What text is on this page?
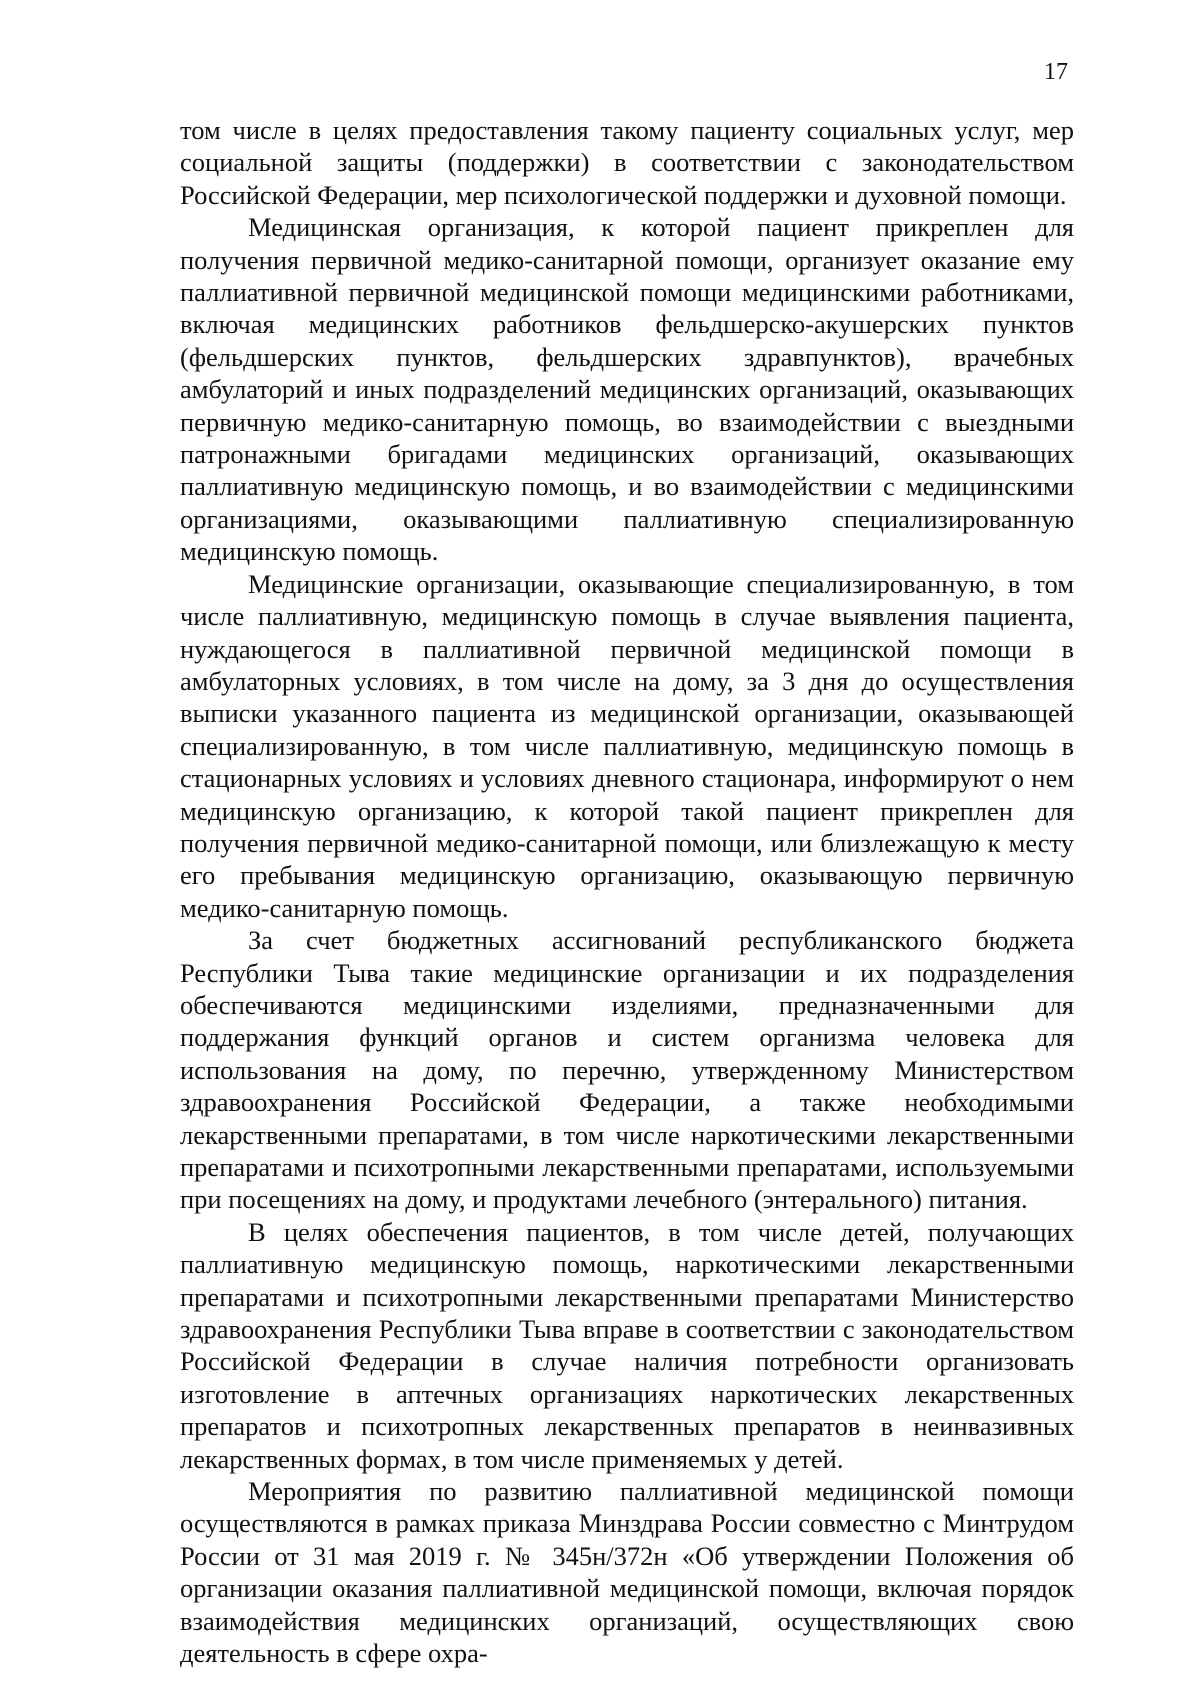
17

том числе в целях предоставления такому пациенту социальных услуг, мер социальной защиты (поддержки) в соответствии с законодательством Российской Федерации, мер психологической поддержки и духовной помощи.

Медицинская организация, к которой пациент прикреплен для получения первичной медико-санитарной помощи, организует оказание ему паллиативной первичной медицинской помощи медицинскими работниками, включая медицинских работников фельдшерско-акушерских пунктов (фельдшерских пунктов, фельдшерских здравпунктов), врачебных амбулаторий и иных подразделений медицинских организаций, оказывающих первичную медико-санитарную помощь, во взаимодействии с выездными патронажными бригадами медицинских организаций, оказывающих паллиативную медицинскую помощь, и во взаимодействии с медицинскими организациями, оказывающими паллиативную специализированную медицинскую помощь.

Медицинские организации, оказывающие специализированную, в том числе паллиативную, медицинскую помощь в случае выявления пациента, нуждающегося в паллиативной первичной медицинской помощи в амбулаторных условиях, в том числе на дому, за 3 дня до осуществления выписки указанного пациента из медицинской организации, оказывающей специализированную, в том числе паллиативную, медицинскую помощь в стационарных условиях и условиях дневного стационара, информируют о нем медицинскую организацию, к которой такой пациент прикреплен для получения первичной медико-санитарной помощи, или близлежащую к месту его пребывания медицинскую организацию, оказывающую первичную медико-санитарную помощь.

За счет бюджетных ассигнований республиканского бюджета Республики Тыва такие медицинские организации и их подразделения обеспечиваются медицинскими изделиями, предназначенными для поддержания функций органов и систем организма человека для использования на дому, по перечню, утвержденному Министерством здравоохранения Российской Федерации, а также необходимыми лекарственными препаратами, в том числе наркотическими лекарственными препаратами и психотропными лекарственными препаратами, используемыми при посещениях на дому, и продуктами лечебного (энтерального) питания.

В целях обеспечения пациентов, в том числе детей, получающих паллиативную медицинскую помощь, наркотическими лекарственными препаратами и психотропными лекарственными препаратами Министерство здравоохранения Республики Тыва вправе в соответствии с законодательством Российской Федерации в случае наличия потребности организовать изготовление в аптечных организациях наркотических лекарственных препаратов и психотропных лекарственных препаратов в неинвазивных лекарственных формах, в том числе применяемых у детей.

Мероприятия по развитию паллиативной медицинской помощи осуществляются в рамках приказа Минздрава России совместно с Минтрудом России от 31 мая 2019 г. № 345н/372н «Об утверждении Положения об организации оказания паллиативной медицинской помощи, включая порядок взаимодействия медицинских организаций, осуществляющих свою деятельность в сфере охра-
